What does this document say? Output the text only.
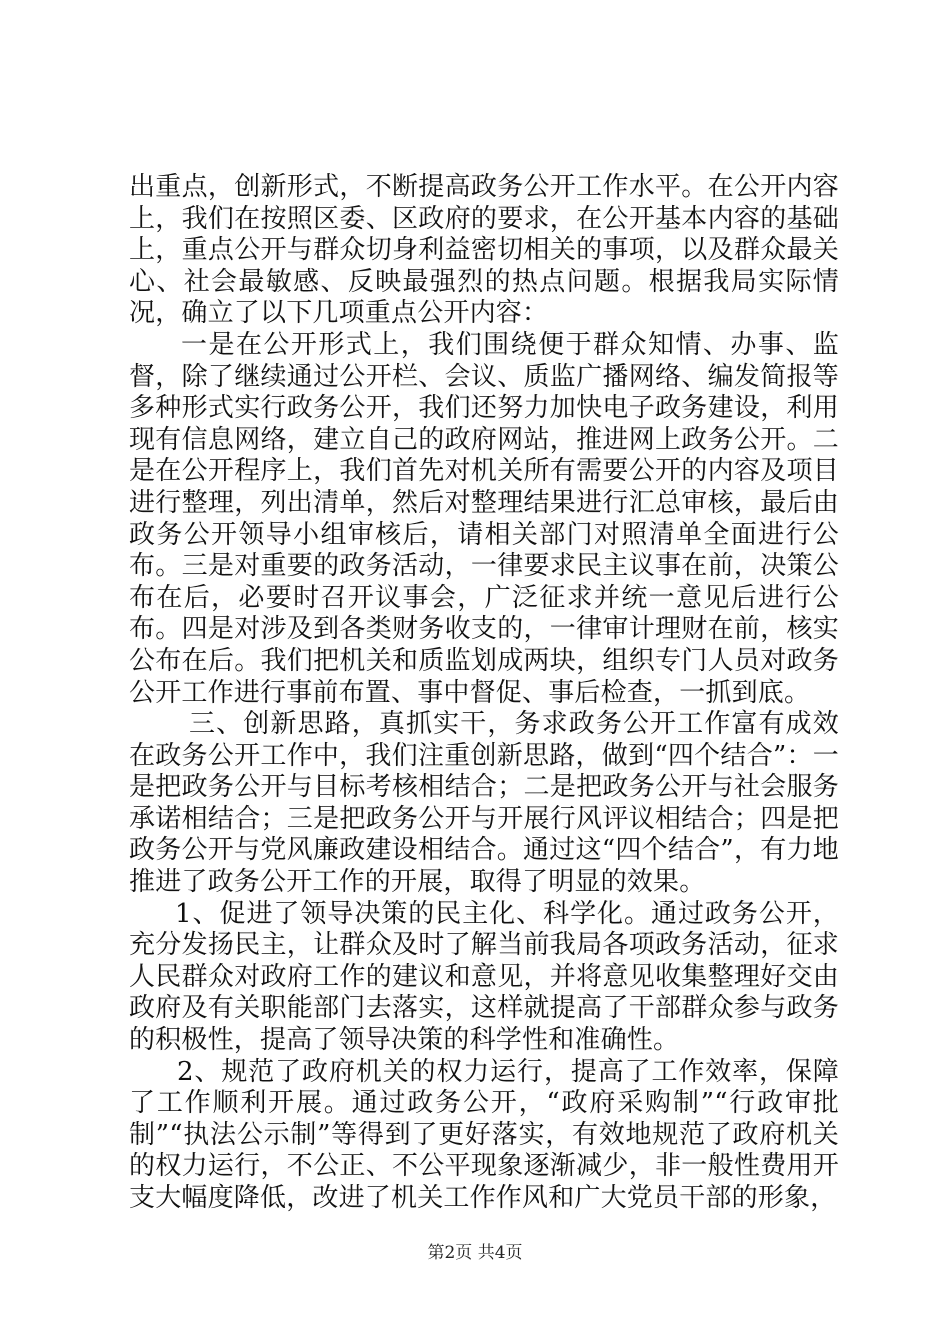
出重点，创新形式，不断提高政务公开工作水平。在公开内容上，我们在按照区委、区政府的要求，在公开基本内容的基础上，重点公开与群众切身利益密切相关的事项，以及群众最关心、社会最敏感、反映最强烈的热点问题。根据我局实际情况，确立了以下几项重点公开内容：

一是在公开形式上，我们围绕便于群众知情、办事、监督，除了继续通过公开栏、会议、质监广播网络、编发简报等多种形式实行政务公开，我们还努力加快电子政务建设，利用现有信息网络，建立自己的政府网站，推进网上政务公开。二是在公开程序上，我们首先对机关所有需要公开的内容及项目进行整理，列出清单，然后对整理结果进行汇总审核，最后由政务公开领导小组审核后，请相关部门对照清单全面进行公布。三是对重要的政务活动，一律要求民主议事在前，决策公布在后，必要时召开议事会，广泛征求并统一意见后进行公布。四是对涉及到各类财务收支的，一律审计理财在前，核实公布在后。我们把机关和质监划成两块，组织专门人员对政务公开工作进行事前布置、事中督促、事后检查，一抓到底。

三、创新思路，真抓实干，务求政务公开工作富有成效在政务公开工作中，我们注重创新思路，做到“四个结合”：一是把政务公开与目标考核相结合；二是把政务公开与社会服务承诺相结合；三是把政务公开与开展行风评议相结合；四是把政务公开与党风廉政建设相结合。通过这“四个结合”，有力地推进了政务公开工作的开展，取得了明显的效果。

1、促进了领导决策的民主化、科学化。通过政务公开，充分发扬民主，让群众及时了解当前我局各项政务活动，征求人民群众对政府工作的建议和意见，并将意见收集整理好交由政府及有关职能部门去落实，这样就提高了干部群众参与政务的积极性，提高了领导决策的科学性和准确性。

2、规范了政府机关的权力运行，提高了工作效率，保障了工作顺利开展。通过政务公开，“政府采购制”“行政审批制”“执法公示制”等得到了更好落实，有效地规范了政府机关的权力运行，不公正、不公平现象逐渐减少，非一般性费用开支大幅度降低，改进了机关工作作风和广大党员干部的形象，

第2页 共4页
